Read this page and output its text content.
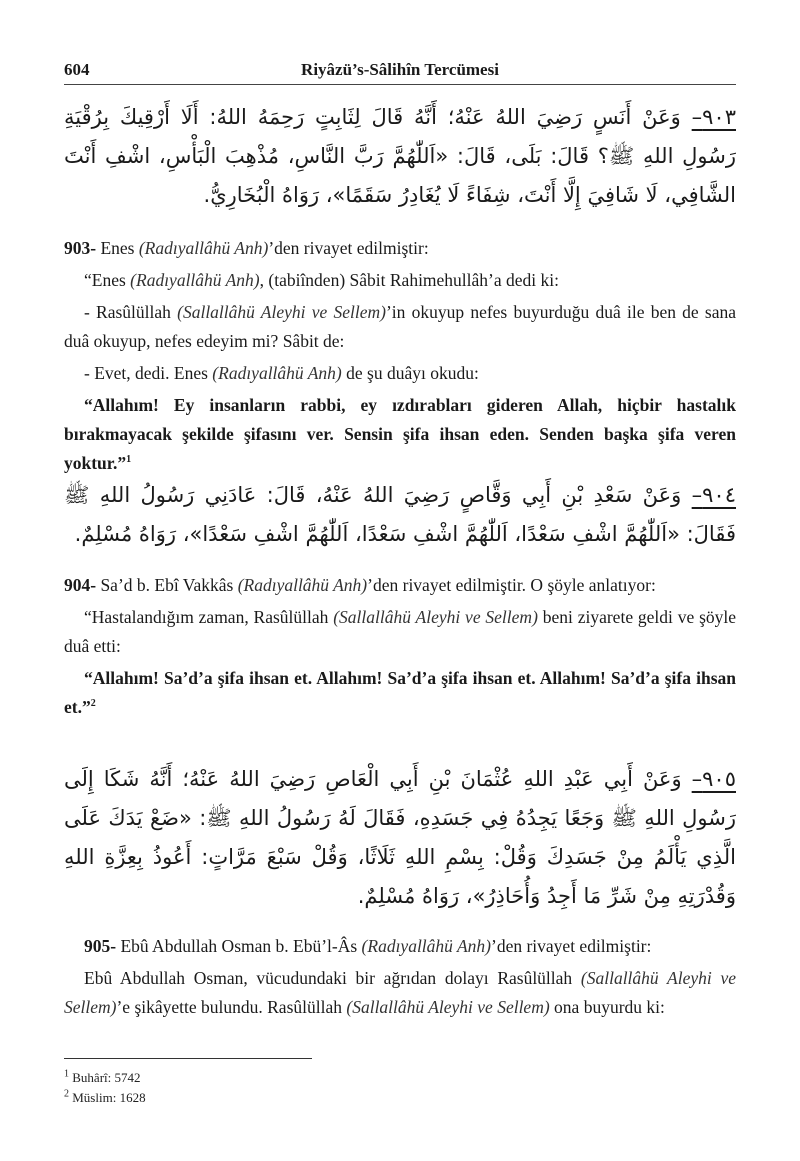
604	Riyâzü’s-Sâlihîn Tercümesi

٩٠٣– وَعَنْ أَنَسٍ رَضِيَ اللهُ عَنْهُ؛ أَنَّهُ قَالَ لِثَابِتٍ رَحِمَهُ اللهُ: أَلَا أَرْقِيكَ بِرُقْيَةِ رَسُولِ اللهِ ﷺ؟ قَالَ: بَلَى، قَالَ: «اَللّٰهُمَّ رَبَّ النَّاسِ، مُذْهِبَ الْبَأْسِ، اشْفِ أَنْتَ الشَّافِي، لَا شَافِيَ إِلَّا أَنْتَ، شِفَاءً لَا يُغَادِرُ سَقَمًا»، رَوَاهُ الْبُخَارِيُّ.

903- Enes (Radıyallâhü Anh)’den rivayet edilmiştir:

“Enes (Radıyallâhü Anh), (tabiînden) Sâbit Rahimehullâh’a dedi ki:

- Rasûlüllah (Sallallâhü Aleyhi ve Sellem)’in okuyup nefes buyurduğu duâ ile ben de sana duâ okuyup, nefes edeyim mi? Sâbit de:

- Evet, dedi. Enes (Radıyallâhü Anh) de şu duâyı okudu:

“Allahım! Ey insanların rabbi, ey ızdırabları gideren Allah, hiçbir hastalık bırakmayacak şekilde şifasını ver. Sensin şifa ihsan eden. Senden başka şifa veren yoktur.”$^1$

٩٠٤– وَعَنْ سَعْدِ بْنِ أَبِي وَقَّاصٍ رَضِيَ اللهُ عَنْهُ، قَالَ: عَادَنِي رَسُولُ اللهِ ﷺ فَقَالَ: «اَللّٰهُمَّ اشْفِ سَعْدًا، اَللّٰهُمَّ اشْفِ سَعْدًا، اَللّٰهُمَّ اشْفِ سَعْدًا»، رَوَاهُ مُسْلِمٌ.

904- Sa’d b. Ebî Vakkâs (Radıyallâhü Anh)’den rivayet edilmiştir. O şöyle anlatıyor:

“Hastalandığım zaman, Rasûlüllah (Sallallâhü Aleyhi ve Sellem) beni ziyarete geldi ve şöyle duâ etti:

“Allahım! Sa’d’a şifa ihsan et. Allahım! Sa’d’a şifa ihsan et. Allahım! Sa’d’a şifa ihsan et.”$^2$

٩٠٥– وَعَنْ أَبِي عَبْدِ اللهِ عُثْمَانَ بْنِ أَبِي الْعَاصِ رَضِيَ اللهُ عَنْهُ؛ أَنَّهُ شَكَا إِلَى رَسُولِ اللهِ ﷺ وَجَعًا يَجِدُهُ فِي جَسَدِهِ، فَقَالَ لَهُ رَسُولُ اللهِ ﷺ: «ضَعْ يَدَكَ عَلَى الَّذِي يَأْلَمُ مِنْ جَسَدِكَ وَقُلْ: بِسْمِ اللهِ ثَلَاثًا، وَقُلْ سَبْعَ مَرَّاتٍ: أَعُوذُ بِعِزَّةِ اللهِ وَقُدْرَتِهِ مِنْ شَرِّ مَا أَجِدُ وَأُحَاذِرُ»، رَوَاهُ مُسْلِمٌ.

905- Ebû Abdullah Osman b. Ebü’l-Âs (Radıyallâhü Anh)’den rivayet edilmiştir:

Ebû Abdullah Osman, vücudundaki bir ağrıdan dolayı Rasûlüllah (Sallallâhü Aleyhi ve Sellem)’e şikâyette bulundu. Rasûlüllah (Sallallâhü Aleyhi ve Sellem) ona buyurdu ki:

$^1$ Buhârî: 5742
$^2$ Müslim: 1628
